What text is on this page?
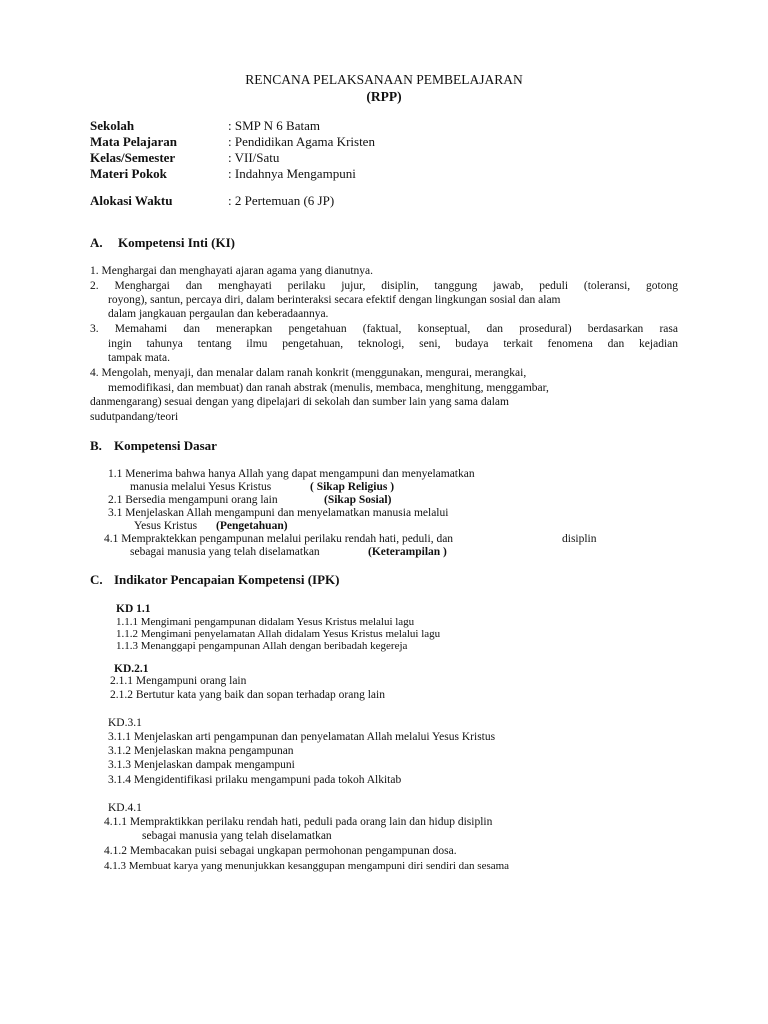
RENCANA PELAKSANAAN PEMBELAJARAN
(RPP)
Sekolah	: SMP N 6 Batam
Mata Pelajaran	: Pendidikan Agama Kristen
Kelas/Semester	: VII/Satu
Materi Pokok	: Indahnya Mengampuni
Alokasi Waktu	: 2 Pertemuan (6 JP)
A. Kompetensi Inti (KI)
1. Menghargai dan menghayati ajaran agama yang dianutnya.
2. Menghargai dan menghayati perilaku jujur, disiplin, tanggung jawab, peduli (toleransi, gotong
royong), santun, percaya diri, dalam berinteraksi secara efektif dengan lingkungan sosial dan alam
dalam jangkauan pergaulan dan keberadaannya.
3. Memahami dan menerapkan pengetahuan (faktual, konseptual, dan prosedural) berdasarkan rasa
ingin tahunya tentang ilmu pengetahuan, teknologi, seni, budaya terkait fenomena dan kejadian
tampak mata.
4. Mengolah, menyaji, dan menalar dalam ranah konkrit (menggunakan, mengurai, merangkai,
memodifikasi, dan membuat) dan ranah abstrak (menulis, membaca, menghitung, menggambar,
danmengarang) sesuai dengan yang dipelajari di sekolah dan sumber lain yang sama dalam
sudutpandang/teori
B. Kompetensi Dasar
1.1 Menerima bahwa hanya Allah yang dapat mengampuni dan menyelamatkan
manusia melalui Yesus Kristus	( Sikap Religius )
2.1 Bersedia mengampuni orang lain	(Sikap Sosial)
3.1 Menjelaskan Allah mengampuni dan menyelamatkan manusia melalui
Yesus Kristus (Pengetahuan)
4.1 Mempraktekkan pengampunan melalui perilaku rendah hati, peduli, dan	disiplin
sebagai manusia yang telah diselamatkan	(Keterampilan )
C. Indikator Pencapaian Kompetensi (IPK)
KD 1.1
1.1.1 Mengimani pengampunan didalam Yesus Kristus melalui lagu
1.1.2 Mengimani penyelamatan Allah didalam Yesus Kristus melalui lagu
1.1.3 Menanggapi pengampunan Allah dengan beribadah kegereja
KD.2.1
2.1.1 Mengampuni orang lain
2.1.2 Bertutur kata yang baik dan sopan terhadap orang lain
KD.3.1
3.1.1 Menjelaskan arti pengampunan dan penyelamatan Allah melalui Yesus Kristus
3.1.2 Menjelaskan makna pengampunan
3.1.3 Menjelaskan dampak mengampuni
3.1.4 Mengidentifikasi prilaku mengampuni pada tokoh Alkitab
KD.4.1
4.1.1 Mempraktikkan perilaku rendah hati, peduli pada orang lain dan hidup disiplin
sebagai manusia yang telah diselamatkan
4.1.2 Membacakan puisi sebagai ungkapan permohonan pengampunan dosa.
4.1.3 Membuat karya yang menunjukkan kesanggupan mengampuni diri sendiri dan sesama
